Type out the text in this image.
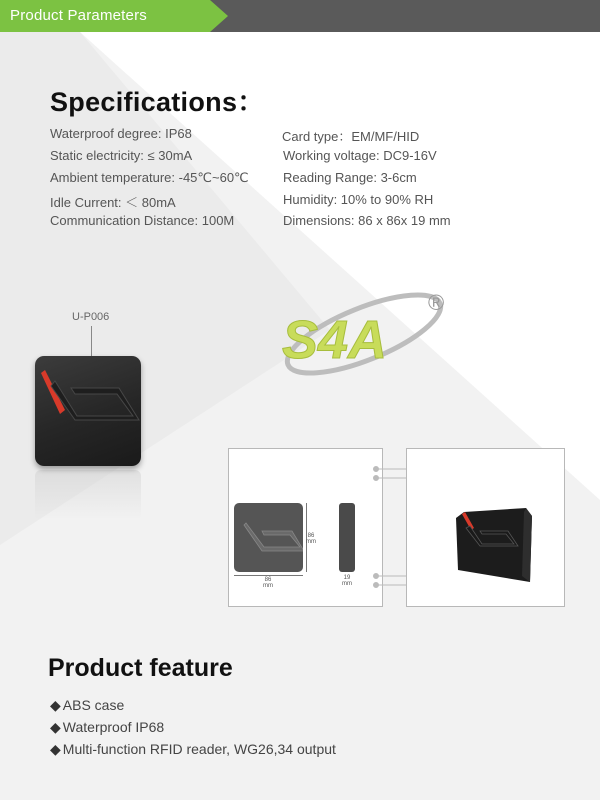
Product Parameters
Specifications：
Waterproof degree: IP68
Static electricity: ≤ 30mA
Ambient temperature: -45℃~60℃
Idle Current: ＜ 80mA
Communication Distance: 100M
Card type：EM/MF/HID
Working voltage: DC9-16V
Reading Range: 3-6cm
Humidity: 10% to 90% RH
Dimensions: 86 x 86x 19 mm
U-P006	S4A
®
86
mm
86
mm
19
mm
Product feature
◆ ABS case
◆ Waterproof IP68
◆ Multi-function RFID reader, WG26,34 output
